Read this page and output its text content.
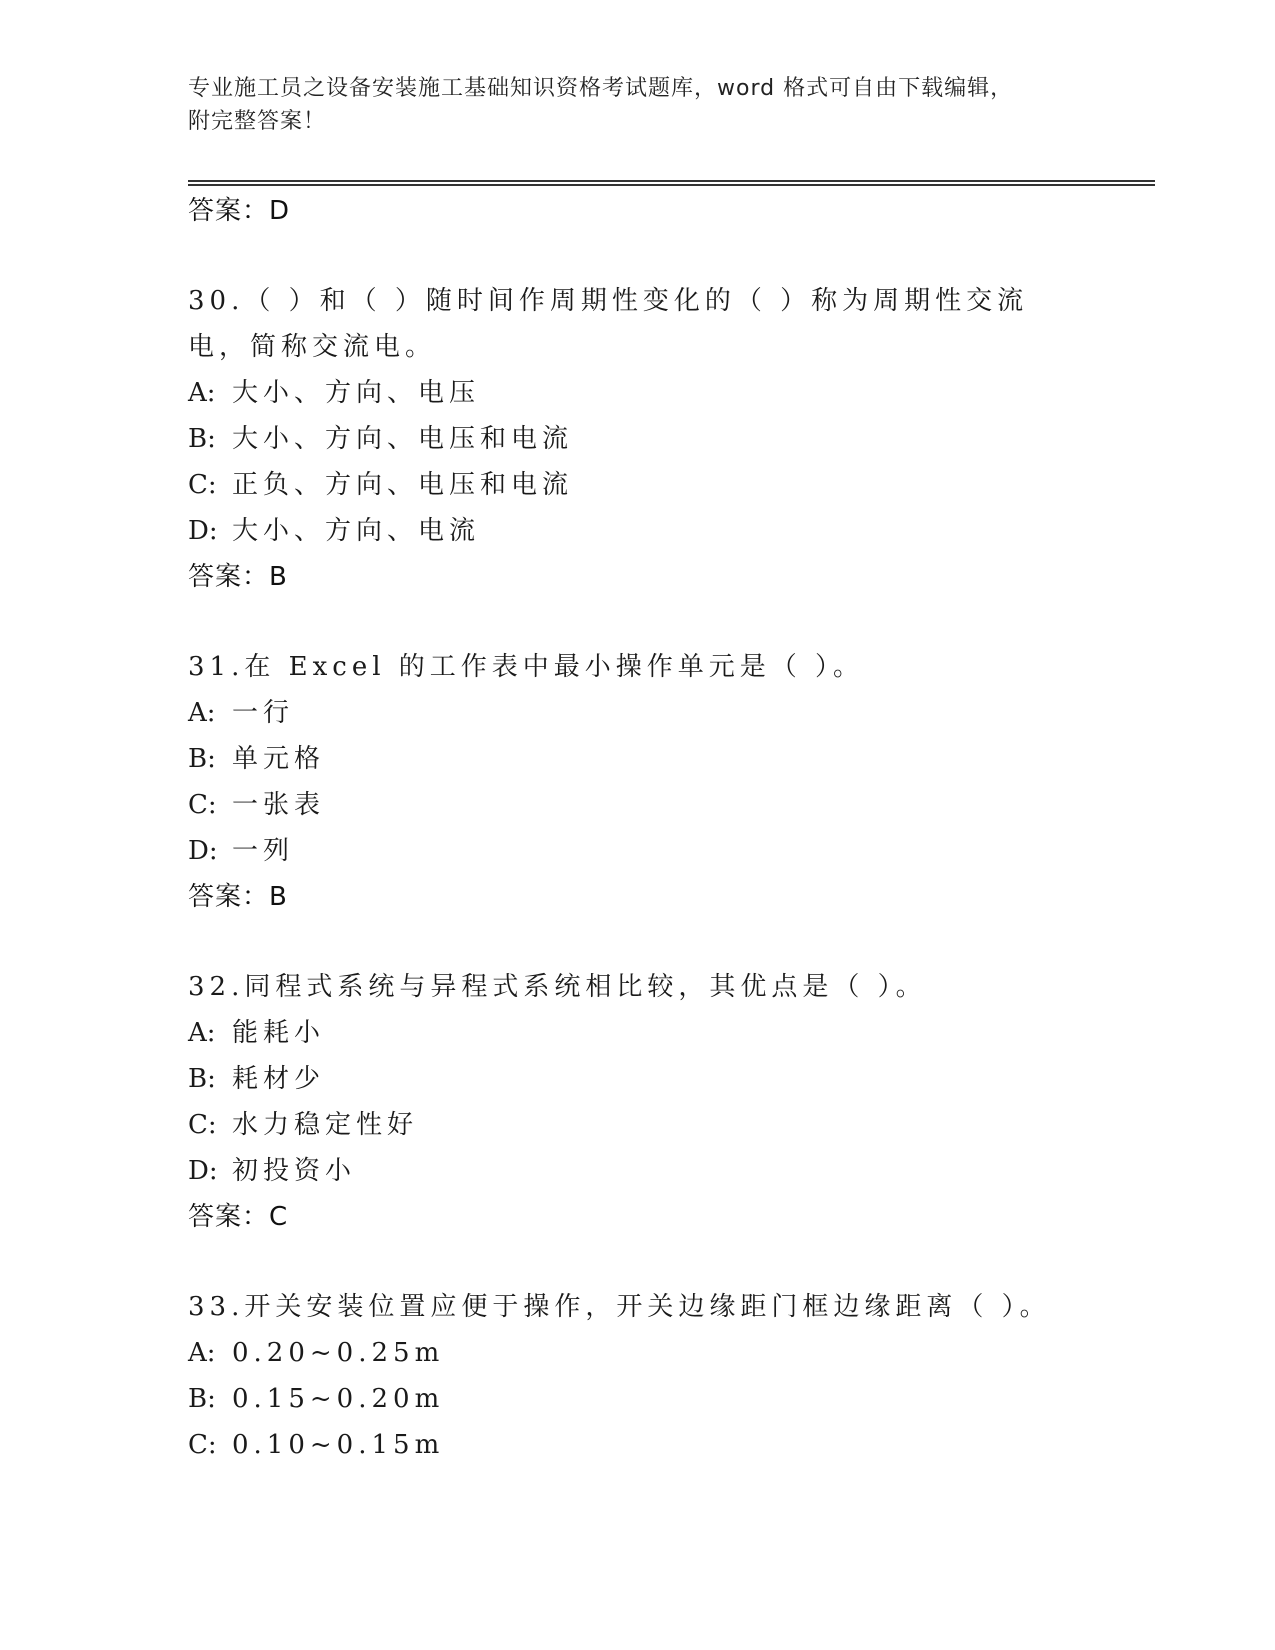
专业施工员之设备安装施工基础知识资格考试题库，word 格式可自由下载编辑，
附完整答案！
答案：D
30.（ ）和（ ）随时间作周期性变化的（ ）称为周期性交流电，简称交流电。
A: 大小、方向、电压
B: 大小、方向、电压和电流
C: 正负、方向、电压和电流
D: 大小、方向、电流
答案：B
31.在 Excel 的工作表中最小操作单元是（ ）。
A: 一行
B: 单元格
C: 一张表
D: 一列
答案：B
32.同程式系统与异程式系统相比较，其优点是（ ）。
A: 能耗小
B: 耗材少
C: 水力稳定性好
D: 初投资小
答案：C
33.开关安装位置应便于操作，开关边缘距门框边缘距离（ ）。
A: 0.20~0.25m
B: 0.15~0.20m
C: 0.10~0.15m
